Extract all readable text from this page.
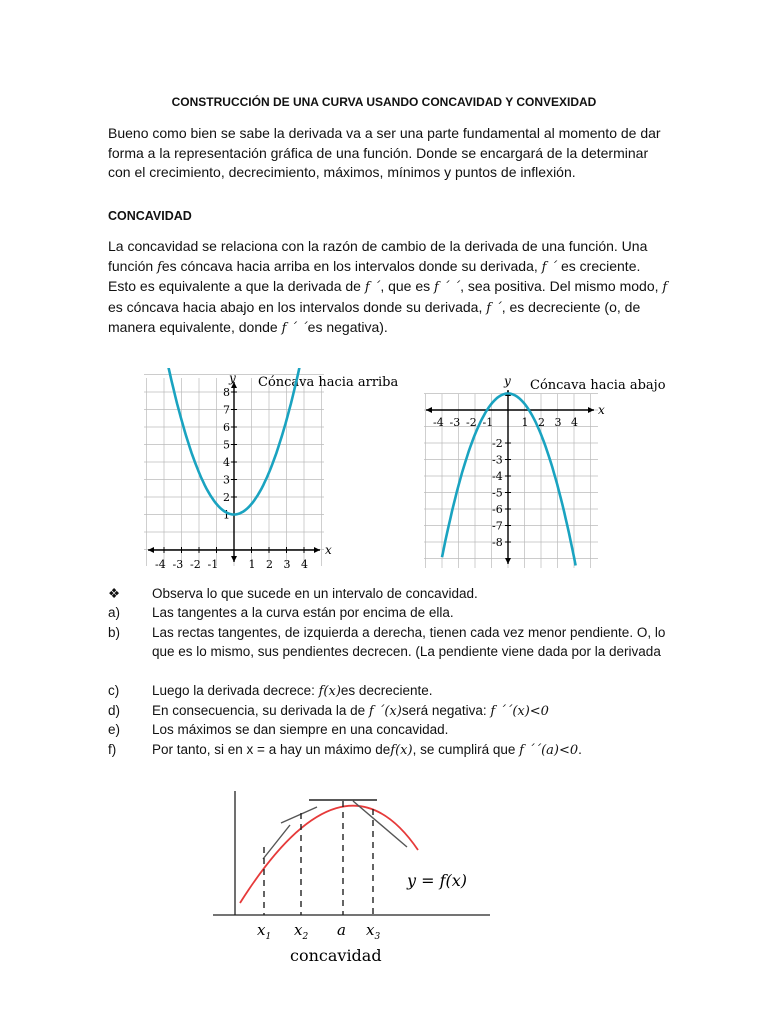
CONSTRUCCIÓN DE UNA CURVA USANDO CONCAVIDAD Y CONVEXIDAD
Bueno como bien se sabe la derivada va a ser una parte fundamental al momento de dar forma a la representación gráfica de una función. Donde se encargará de la determinar con el crecimiento, decrecimiento, máximos, mínimos y puntos de inflexión.
CONCAVIDAD
La concavidad se relaciona con la razón de cambio de la derivada de una función. Una función fes cóncava hacia arriba en los intervalos donde su derivada, f ´ es creciente. Esto es equivalente a que la derivada de f ´, que es f ´ ´, sea positiva. Del mismo modo, f es cóncava hacia abajo en los intervalos donde su derivada, f ´, es decreciente (o, de manera equivalente, donde f ´ ´es negativa).
y
x
Cóncava hacia arriba
-4 -3 -2 -1	1 2 3 4
1
2
3
4
5
6
7
8
y
x
Cóncava hacia abajo
-4 -3 -2 -1	1 2 3 4
-2
-3
-4
-5
-6
-7
-8
❖ Observa lo que sucede en un intervalo de concavidad.
a) Las tangentes a la curva están por encima de ella.
b) Las rectas tangentes, de izquierda a derecha, tienen cada vez menor pendiente. O, lo que es lo mismo, sus pendientes decrecen. (La pendiente viene dada por la derivada
c) Luego la derivada decrece: f(x)es decreciente.
d) En consecuencia, su derivada la de f ´(x)será negativa: f ´´(x)<0
e) Los máximos se dan siempre en una concavidad.
f)	Por tanto, si en x = a hay un máximo def(x), se cumplirá que f ´´(a)<0.
$x_1$ $x_2$ a $x_3$
y = f(x)
concavidad
